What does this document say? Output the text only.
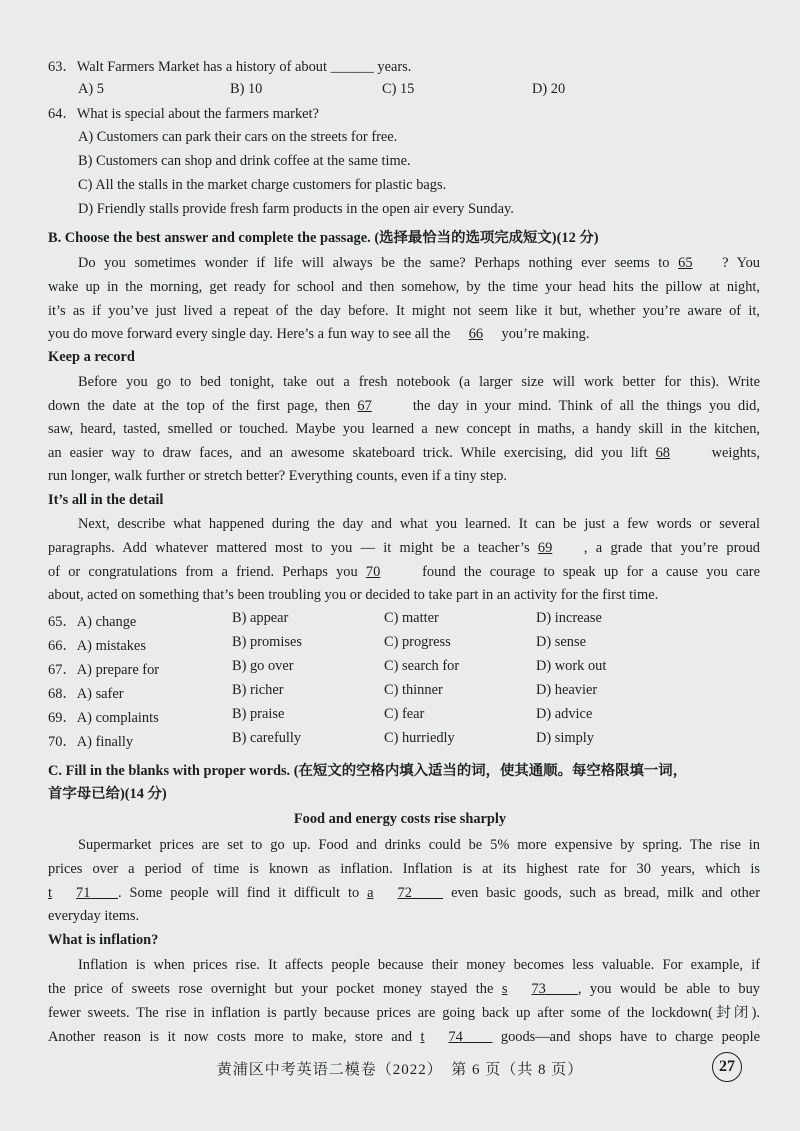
63．Walt Farmers Market has a history of about ______ years.
A) 5	B) 10	C) 15	D) 20
64．What is special about the farmers market?
A) Customers can park their cars on the streets for free.
B) Customers can shop and drink coffee at the same time.
C) All the stalls in the market charge customers for plastic bags.
D) Friendly stalls provide fresh farm products in the open air every Sunday.
B. Choose the best answer and complete the passage. (选择最恰当的选项完成短文)(12 分)
Do you sometimes wonder if life will always be the same? Perhaps nothing ever seems to 65 ? You
wake up in the morning, get ready for school and then somehow, by the time your head hits the pillow at night,
it’s as if you’ve just lived a repeat of the day before. It might not seem like it but, whether you’re aware of it,
you do move forward every single day. Here’s a fun way to see all the 66 you’re making.
Keep a record
Before you go to bed tonight, take out a fresh notebook (a larger size will work better for this). Write
down the date at the top of the first page, then 67	the day in your mind. Think of all the things you did,
saw, heard, tasted, smelled or touched. Maybe you learned a new concept in maths, a handy skill in the kitchen,
an easier way to draw faces, and an awesome skateboard trick. While exercising, did you lift 68	weights,
run longer, walk further or stretch better? Everything counts, even if a tiny step.
It’s all in the detail
Next, describe what happened during the day and what you learned. It can be just a few words or several
paragraphs. Add whatever mattered most to you — it might be a teacher’s 69 , a grade that you’re proud
of or congratulations from a friend. Perhaps you 70	found the courage to speak up for a cause you care
about, acted on something that’s been troubling you or decided to take part in an activity for the first time.
65．A) change	B) appear	C) matter	D) increase
66．A) mistakes	B) promises	C) progress	D) sense
67．A) prepare for	B) go over	C) search for	D) work out
68．A) safer	B) richer	C) thinner	D) heavier
69．A) complaints	B) praise	C) fear	D) advice
70．A) finally	B) carefully	C) hurriedly	D) simply
C. Fill in the blanks with proper words. (在短文的空格内填入适当的词，使其通顺。每空格限填一词，
首字母已给)(14 分)
Food and energy costs rise sharply
Supermarket prices are set to go up. Food and drinks could be 5% more expensive by spring. The rise in
prices over a period of time is known as inflation. Inflation is at its highest rate for 30 years, which is
t 71 . Some people will find it difficult to a 72	even basic goods, such as bread, milk and other
everyday items.
What is inflation?
Inflation is when prices rise. It affects people because their money becomes less valuable. For example, if
the price of sweets rose overnight but your pocket money stayed the s 73 , you would be able to buy
fewer sweets. The rise in inflation is partly because prices are going back up after some of the lockdown(封闭).
Another reason is it now costs more to make, store and t 74	goods—and shops have to charge people
黄浦区中考英语二模卷（2022）　第 6 页（共 8 页）	27
